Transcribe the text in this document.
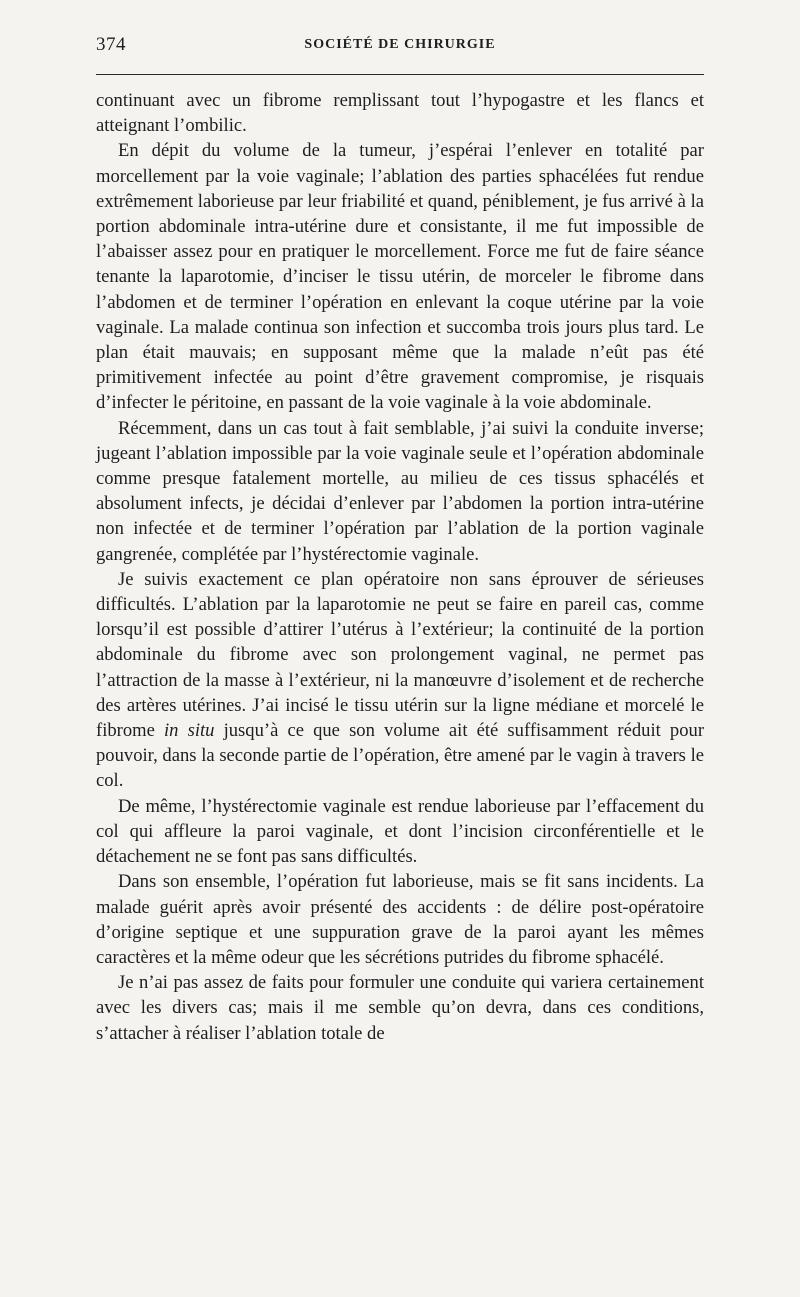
374	SOCIÉTÉ DE CHIRURGIE

continuant avec un fibrome remplissant tout l’hypogastre et les flancs et atteignant l’ombilic.

En dépit du volume de la tumeur, j’espérai l’enlever en totalité par morcellement par la voie vaginale; l’ablation des parties sphacélées fut rendue extrêmement laborieuse par leur friabilité et quand, péniblement, je fus arrivé à la portion abdominale intra-utérine dure et consistante, il me fut impossible de l’abaisser assez pour en pratiquer le morcellement. Force me fut de faire séance tenante la laparotomie, d’inciser le tissu utérin, de morceler le fibrome dans l’abdomen et de terminer l’opération en enlevant la coque utérine par la voie vaginale. La malade continua son infection et succomba trois jours plus tard. Le plan était mauvais; en supposant même que la malade n’eût pas été primitivement infectée au point d’être gravement compromise, je risquais d’infecter le péritoine, en passant de la voie vaginale à la voie abdominale.

Récemment, dans un cas tout à fait semblable, j’ai suivi la conduite inverse; jugeant l’ablation impossible par la voie vaginale seule et l’opération abdominale comme presque fatalement mortelle, au milieu de ces tissus sphacélés et absolument infects, je décidai d’enlever par l’abdomen la portion intra-utérine non infectée et de terminer l’opération par l’ablation de la portion vaginale gangrenée, complétée par l’hystérectomie vaginale.

Je suivis exactement ce plan opératoire non sans éprouver de sérieuses difficultés. L’ablation par la laparotomie ne peut se faire en pareil cas, comme lorsqu’il est possible d’attirer l’utérus à l’extérieur; la continuité de la portion abdominale du fibrome avec son prolongement vaginal, ne permet pas l’attraction de la masse à l’extérieur, ni la manœuvre d’isolement et de recherche des artères utérines. J’ai incisé le tissu utérin sur la ligne médiane et morcelé le fibrome in situ jusqu’à ce que son volume ait été suffisamment réduit pour pouvoir, dans la seconde partie de l’opération, être amené par le vagin à travers le col.

De même, l’hystérectomie vaginale est rendue laborieuse par l’effacement du col qui affleure la paroi vaginale, et dont l’incision circonférentielle et le détachement ne se font pas sans difficultés.

Dans son ensemble, l’opération fut laborieuse, mais se fit sans incidents. La malade guérit après avoir présenté des accidents : de délire post-opératoire d’origine septique et une suppuration grave de la paroi ayant les mêmes caractères et la même odeur que les sécrétions putrides du fibrome sphacélé.

Je n’ai pas assez de faits pour formuler une conduite qui variera certainement avec les divers cas; mais il me semble qu’on devra, dans ces conditions, s’attacher à réaliser l’ablation totale de
